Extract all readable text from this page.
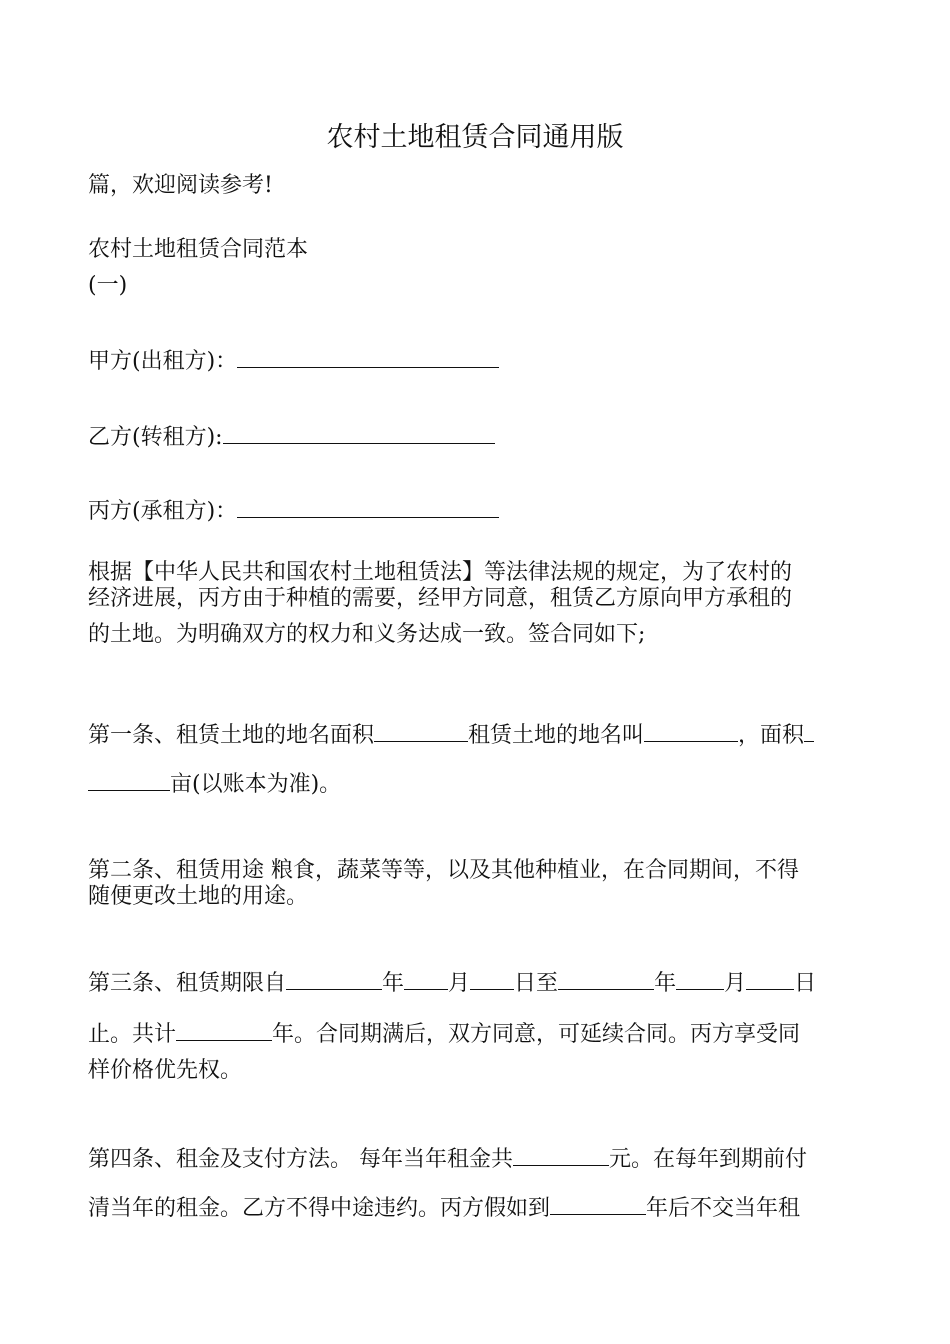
农村土地租赁合同通用版
篇，欢迎阅读参考!
农村土地租赁合同范本
(一)
甲方(出租方)：
乙方(转租方):
丙方(承租方)：
根据【中华人民共和国农村土地租赁法】等法律法规的规定，为了农村的
经济进展，丙方由于种植的需要，经甲方同意，租赁乙方原向甲方承租的
的土地。为明确双方的权力和义务达成一致。签合同如下;
第一条、租赁土地的地名面积	租赁土地的地名叫	，面积
亩(以账本为准)。
第二条、租赁用途 粮食，蔬菜等等，以及其他种植业，在合同期间，不得
随便更改土地的用途。
第三条、租赁期限自	年 月 日至	年 月 日
止。共计	年。合同期满后，双方同意，可延续合同。丙方享受同
样价格优先权。
第四条、租金及支付方法。 每年当年租金共	元。在每年到期前付
清当年的租金。乙方不得中途违约。丙方假如到	年后不交当年租
